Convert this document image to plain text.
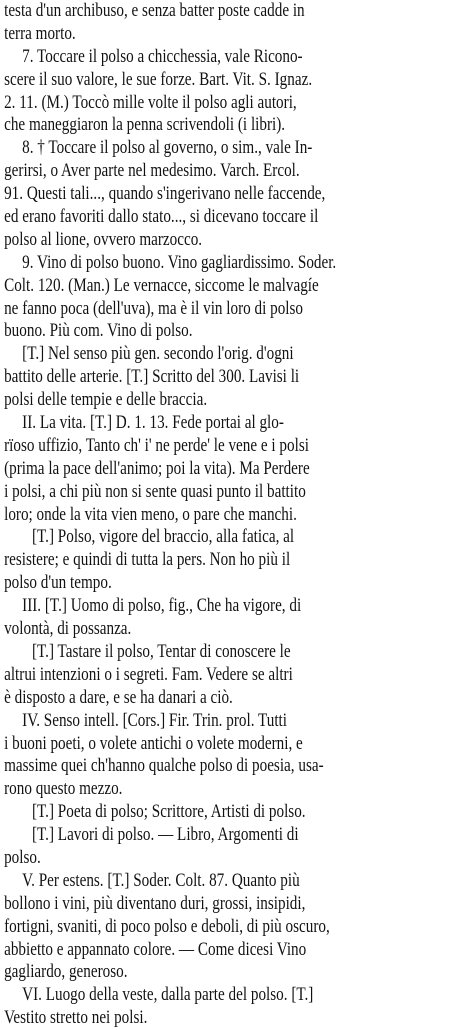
testa d'un archibuso, e senza batter poste cadde in
terra morto.
7. Toccare il polso a chicchessia, vale Ricono-
scere il suo valore, le sue forze. Bart. Vit. S. Ignaz.
2. 11. (M.) Toccò mille volte il polso agli autori,
che maneggiaron la penna scrivendoli (i libri).
8. † Toccare il polso al governo, o sim., vale In-
gerirsi, o Aver parte nel medesimo. Varch. Ercol.
91. Questi tali..., quando s'ingerivano nelle faccende,
ed erano favoriti dallo stato..., si dicevano toccare il
polso al lione, ovvero marzocco.
9. Vino di polso buono. Vino gagliardissimo. Soder.
Colt. 120. (Man.) Le vernacce, siccome le malvagíe
ne fanno poca (dell'uva), ma è il vin loro di polso
buono. Più com. Vino di polso.
[T.] Nel senso più gen. secondo l'orig. d'ogni
battito delle arterie. [T.] Scritto del 300. Lavisi li
polsi delle tempie e delle braccia.
II. La vita. [T.] D. 1. 13. Fede portai al glo-
rïoso uffizio, Tanto ch' i' ne perde' le vene e i polsi
(prima la pace dell'animo; poi la vita). Ma Perdere
i polsi, a chi più non si sente quasi punto il battito
loro; onde la vita vien meno, o pare che manchi.
[T.] Polso, vigore del braccio, alla fatica, al
resistere; e quindi di tutta la pers. Non ho più il
polso d'un tempo.
III. [T.] Uomo di polso, fig., Che ha vigore, di
volontà, di possanza.
[T.] Tastare il polso, Tentar di conoscere le
altrui intenzioni o i segreti. Fam. Vedere se altri
è disposto a dare, e se ha danari a ciò.
IV. Senso intell. [Cors.] Fir. Trin. prol. Tutti
i buoni poeti, o volete antichi o volete moderni, e
massime quei ch'hanno qualche polso di poesia, usa-
rono questo mezzo.
[T.] Poeta di polso; Scrittore, Artisti di polso.
[T.] Lavori di polso. — Libro, Argomenti di
polso.
V. Per estens. [T.] Soder. Colt. 87. Quanto più
bollono i vini, più diventano duri, grossi, insipidi,
fortigni, svaniti, di poco polso e deboli, di più oscuro,
abbietto e appannato colore. — Come dicesi Vino
gagliardo, generoso.
VI. Luogo della veste, dalla parte del polso. [T.]
Vestito stretto nei polsi.
